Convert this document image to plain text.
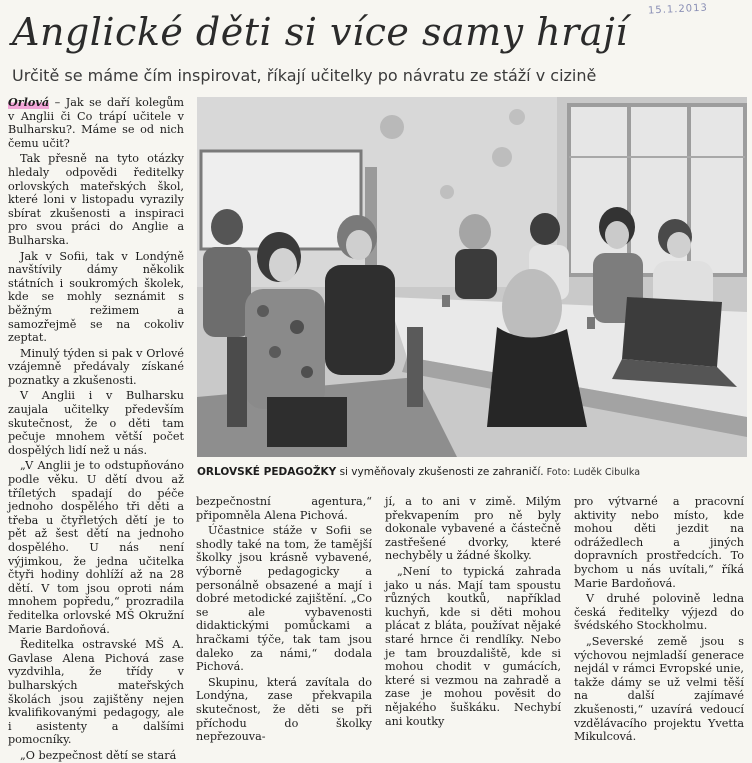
15.1.2013
Anglické děti si více samy hrají
Určitě se máme čím inspirovat, říkají učitelky po návratu ze stáží v cizině

Orlová – Jak se daří kolegům v Anglii či Co trápí učitele v Bulharsku?. Máme se od nich čemu učit?

Tak přesně na tyto otázky hledaly odpovědi ředitelky orlovských mateřských škol, které loni v listopadu vyrazily sbírat zkušenosti a inspiraci pro svou práci do Anglie a Bulharska.

Jak v Sofii, tak v Londýně navštívily dámy několik státních i soukromých školek, kde se mohly seznámit s běžným režimem a samozřejmě se na cokoliv zeptat.

Minulý týden si pak v Orlové vzájemně předávaly získané poznatky a zkušenosti.

V Anglii i v Bulharsku zaujala učitelky především skutečnost, že o děti tam pečuje mnohem větší počet dospělých lidí než u nás.

„V Anglii je to odstupňováno podle věku. U dětí dvou až tříletých spadají do péče jednoho dospělého tři děti a třeba u čtyřletých dětí je to pět až šest dětí na jednoho dospělého. U nás není výjimkou, že jedna učitelka čtyři hodiny dohlíží až na 28 dětí. V tom jsou oproti nám mnohem popředu,“ prozradila ředitelka orlovské MŠ Okružní Marie Bardoňová.

Ředitelka ostravské MŠ A. Gavlase Alena Pichová zase vyzdvihla, že třídy v bulharských mateřských školách jsou zajištěny nejen kvalifikovanými pedagogy, ale i asistenty a dalšími pomocníky.

„O bezpečnost dětí se stará

ORLOVSKÉ PEDAGOŽKY si vyměňovaly zkušenosti ze zahraničí. Foto: Luděk Cibulka

bezpečnostní agentura,“ připomněla Alena Pichová.

Účastnice stáže v Sofii se shodly také na tom, že tamější školky jsou krásně vybavené, výborně pedagogicky a personálně obsazené a mají i dobré metodické zajištění. „Co se ale vybavenosti didaktickými pomůckami a hračkami týče, tak tam jsou daleko za námi,“ dodala Pichová.

Skupinu, která zavítala do Londýna, zase překvapila skutečnost, že děti se při příchodu do školky nepřezouva-

jí, a to ani v zimě. Milým překvapením pro ně byly dokonale vybavené a částečně zastřešené dvorky, které nechyběly u žádné školky.

„Není to typická zahrada jako u nás. Mají tam spoustu různých koutků, například kuchyň, kde si děti mohou plácat z bláta, používat nějaké staré hrnce či rendlíky. Nebo je tam brouzdaliště, kde si mohou chodit v gumácích, které si vezmou na zahradě a zase je mohou pověsit do nějakého šuškáku. Nechybí ani koutky

pro výtvarné a pracovní aktivity nebo místo, kde mohou děti jezdit na odrážedlech a jiných dopravních prostředcích. To bychom u nás uvítali,“ říká Marie Bardoňová.

V druhé polovině ledna česká ředitelky výjezd do švédského Stockholmu.

„Severské země jsou s výchovou nejmladší generace nejdál v rámci Evropské unie, takže dámy se už velmi těší na další zajímavé zkušenosti,“ uzavírá vedoucí vzdělávacího projektu Yvetta Mikulcová.
